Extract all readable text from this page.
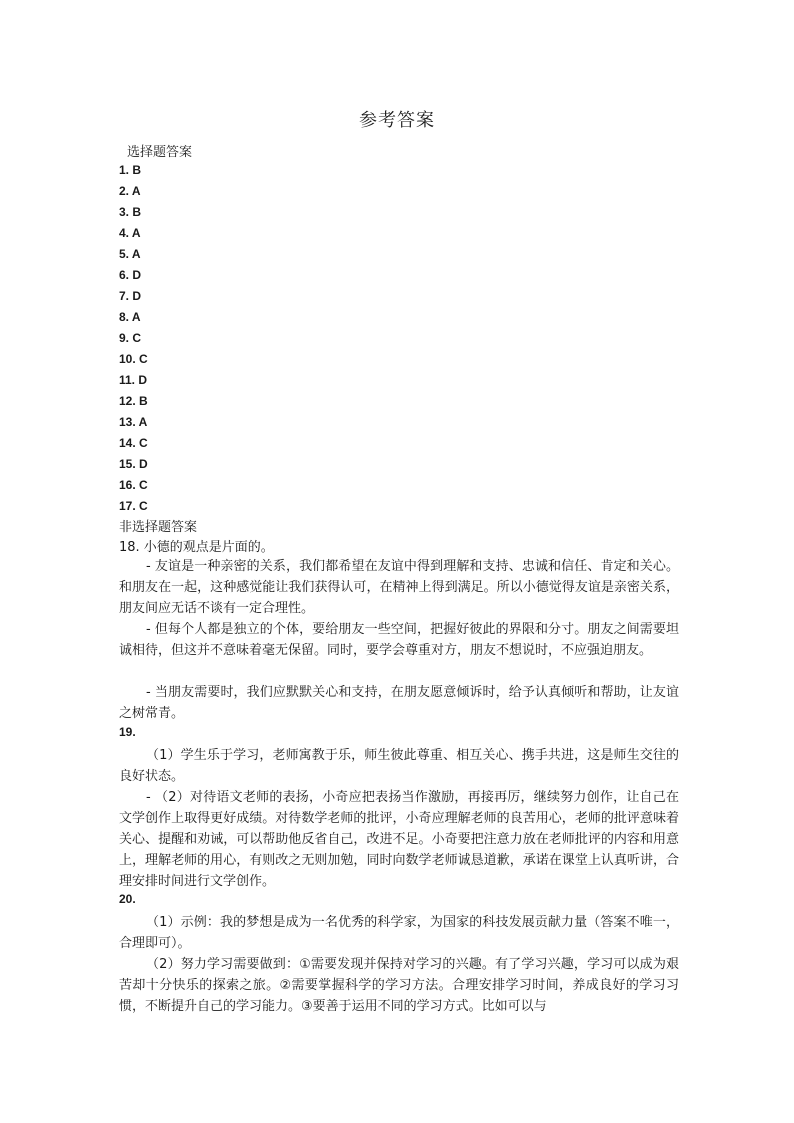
参考答案
选择题答案
1. B
2. A
3. B
4. A
5. A
6. D
7. D
8. A
9. C
10. C
11. D
12. B
13. A
14. C
15. D
16. C
17. C
非选择题答案
18. 小德的观点是片面的。
- 友谊是一种亲密的关系，我们都希望在友谊中得到理解和支持、忠诚和信任、肯定和关心。和朋友在一起，这种感觉能让我们获得认可，在精神上得到满足。所以小德觉得友谊是亲密关系，朋友间应无话不谈有一定合理性。
- 但每个人都是独立的个体，要给朋友一些空间，把握好彼此的界限和分寸。朋友之间需要坦诚相待，但这并不意味着毫无保留。同时，要学会尊重对方，朋友不想说时，不应强迫朋友。
- 当朋友需要时，我们应默默关心和支持，在朋友愿意倾诉时，给予认真倾听和帮助，让友谊之树常青。
19.
（1）学生乐于学习，老师寓教于乐，师生彼此尊重、相互关心、携手共进，这是师生交往的良好状态。
- （2）对待语文老师的表扬，小奇应把表扬当作激励，再接再厉，继续努力创作，让自己在文学创作上取得更好成绩。对待数学老师的批评，小奇应理解老师的良苦用心，老师的批评意味着关心、提醒和劝诫，可以帮助他反省自己，改进不足。小奇要把注意力放在老师批评的内容和用意上，理解老师的用心，有则改之无则加勉，同时向数学老师诚恳道歉，承诺在课堂上认真听讲，合理安排时间进行文学创作。
20.
（1）示例：我的梦想是成为一名优秀的科学家，为国家的科技发展贡献力量（答案不唯一，合理即可）。
（2）努力学习需要做到：①需要发现并保持对学习的兴趣。有了学习兴趣，学习可以成为艰苦却十分快乐的探索之旅。②需要掌握科学的学习方法。合理安排学习时间，养成良好的学习习惯，不断提升自己的学习能力。③要善于运用不同的学习方式。比如可以与
